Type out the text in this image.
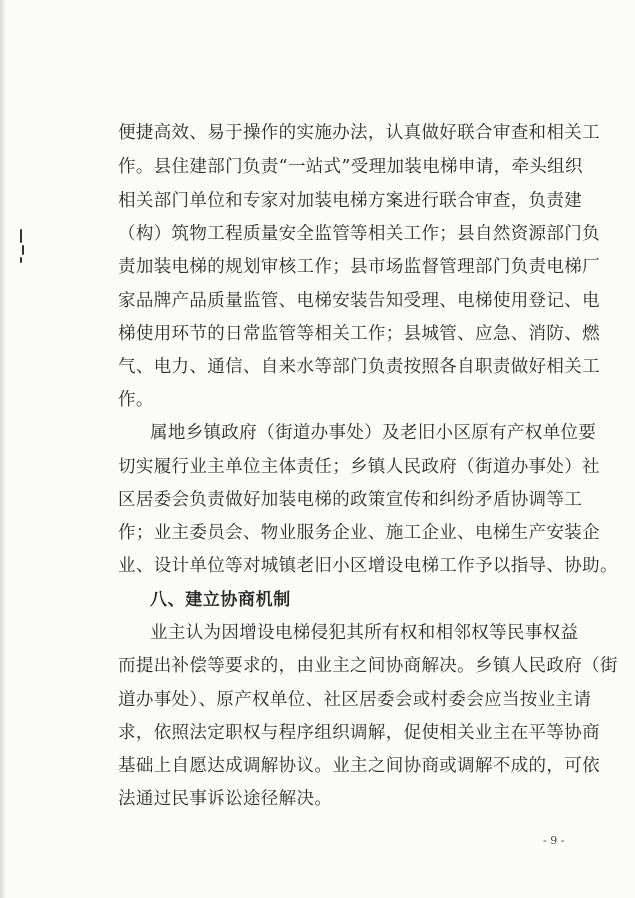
便捷高效、易于操作的实施办法，认真做好联合审查和相关工
作。县住建部门负责“一站式”受理加装电梯申请，牵头组织
相关部门单位和专家对加装电梯方案进行联合审查，负责建
（构）筑物工程质量安全监管等相关工作；县自然资源部门负
责加装电梯的规划审核工作；县市场监督管理部门负责电梯厂
家品牌产品质量监管、电梯安装告知受理、电梯使用登记、电
梯使用环节的日常监管等相关工作；县城管、应急、消防、燃
气、电力、通信、自来水等部门负责按照各自职责做好相关工
作。
属地乡镇政府（街道办事处）及老旧小区原有产权单位要
切实履行业主单位主体责任；乡镇人民政府（街道办事处）社
区居委会负责做好加装电梯的政策宣传和纠纷矛盾协调等工
作；业主委员会、物业服务企业、施工企业、电梯生产安装企
业、设计单位等对城镇老旧小区增设电梯工作予以指导、协助。
八、建立协商机制
业主认为因增设电梯侵犯其所有权和相邻权等民事权益
而提出补偿等要求的，由业主之间协商解决。乡镇人民政府（街
道办事处）、原产权单位、社区居委会或村委会应当按业主请
求，依照法定职权与程序组织调解，促使相关业主在平等协商
基础上自愿达成调解协议。业主之间协商或调解不成的，可依
法通过民事诉讼途径解决。
- 9 -
